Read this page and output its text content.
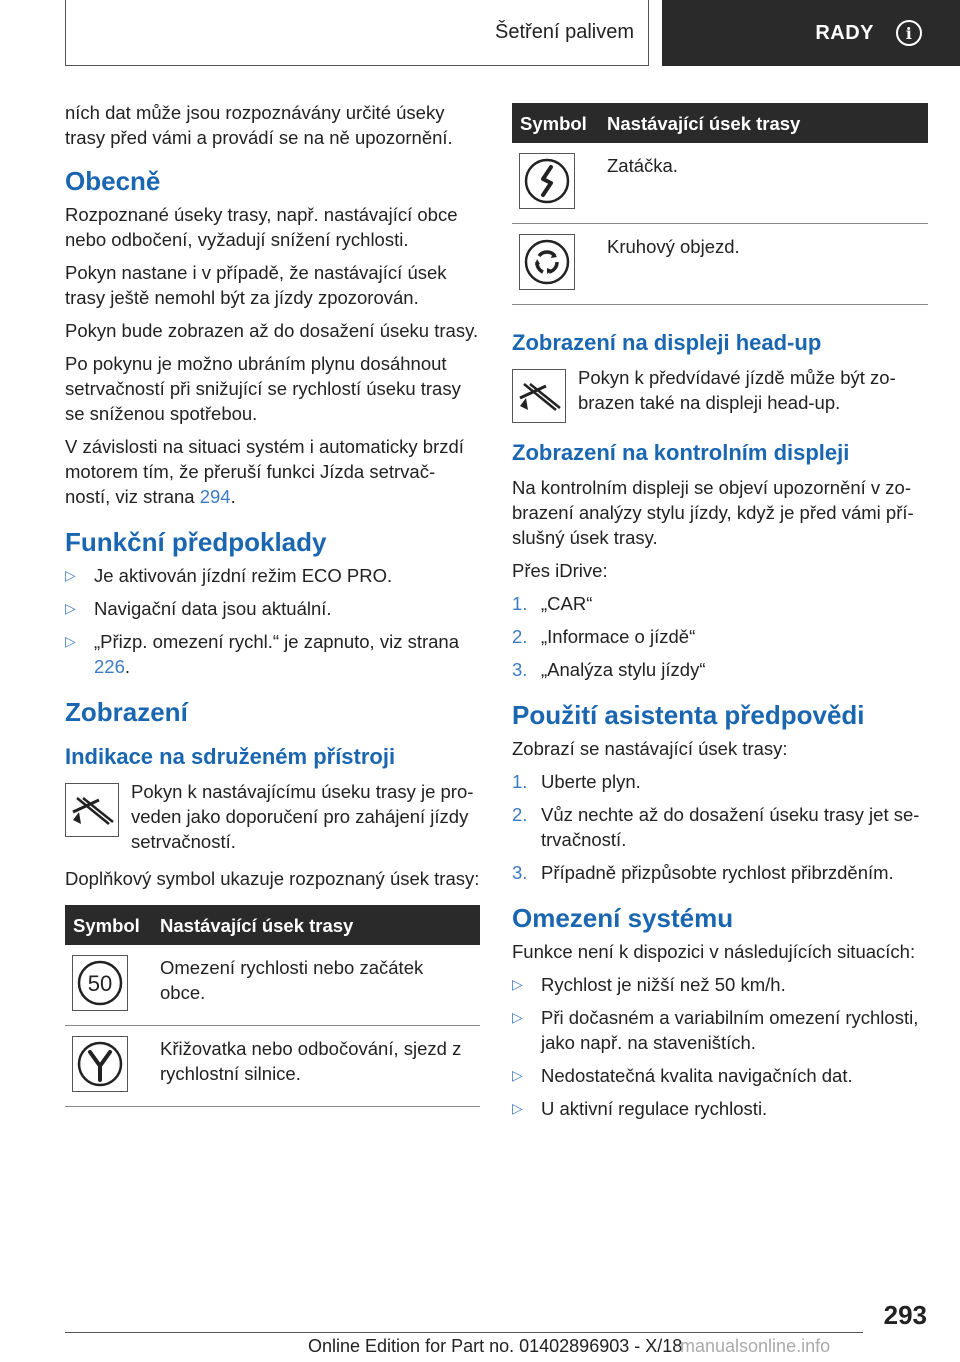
Šetření palivem	RADY	i

ních dat může jsou rozpoznávány určité úseky trasy před vámi a provádí se na ně upozornění.

Obecně

Rozpoznané úseky trasy, např. nastávající obce nebo odbočení, vyžadují snížení rychlosti.

Pokyn nastane i v případě, že nastávající úsek trasy ještě nemohl být za jízdy zpozorován.

Pokyn bude zobrazen až do dosažení úseku trasy.

Po pokynu je možno ubráním plynu dosáhnout setrvačností při snižující se rychlostí úseku trasy se sníženou spotřebou.

V závislosti na situaci systém i automaticky brzdí motorem tím, že přeruší funkci Jízda setrvač-ností, viz strana 294.

Funkční předpoklady
▷ Je aktivován jízdní režim ECO PRO.
▷ Navigační data jsou aktuální.
▷ „Přizp. omezení rychl.“ je zapnuto, viz strana 226.
Zobrazení
Indikace na sdruženém přístroji
Pokyn k nastávajícímu úseku trasy je pro-veden jako doporučení pro zahájení jízdy setrvačností.

Doplňkový symbol ukazuje rozpoznaný úsek trasy:

Symbol	Nastávající úsek trasy

50	Omezení rychlosti nebo začátek obce.

	Křižovatka nebo odbočování, sjezd z rychlostní silnice.
Symbol	Nastávající úsek trasy

	Zatáčka.

	Kruhový objezd.
Zobrazení na displeji head-up
Pokyn k předvídavé jízdě může být zo-brazen také na displeji head-up.
Zobrazení na kontrolním displeji

Na kontrolním displeji se objeví upozornění v zo-brazení analýzy stylu jízdy, když je před vámi pří-slušný úsek trasy.

Přes iDrive:

1. „CAR“
2. „Informace o jízdě“
3. „Analýza stylu jízdy“
Použití asistenta předpovědi

Zobrazí se nastávající úsek trasy:

1. Uberte plyn.
2. Vůz nechte až do dosažení úseku trasy jet se-trvačností.
3. Případně přizpůsobte rychlost přibrzděním.
Omezení systému

Funkce není k dispozici v následujících situacích:

▷ Rychlost je nižší než 50 km/h.
▷ Při dočasném a variabilním omezení rychlosti, jako např. na staveništích.
▷ Nedostatečná kvalita navigačních dat.
▷ U aktivní regulace rychlosti.
293
Online Edition for Part no. 01402896903 - X/18
manualsonline.info
